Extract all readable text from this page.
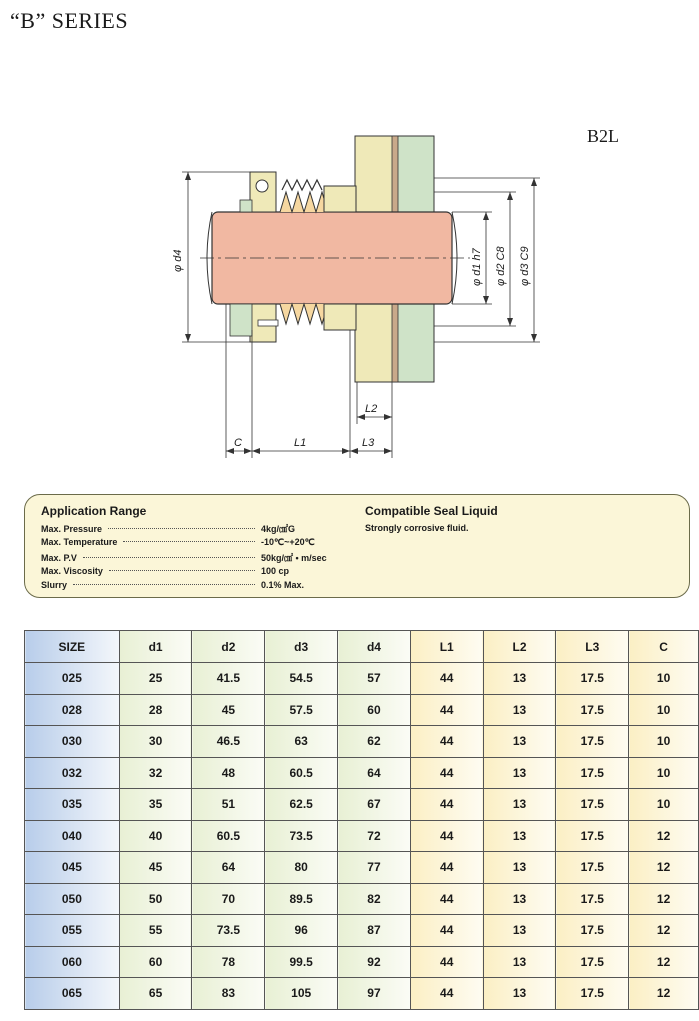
“B” SERIES
B2L
φ d4	φ d1 h7 φ d2 C8 φ d3 C9
C	L1
L2
L3
Application Range	Compatible Seal Liquid
Max. Pressure	4kg/㎠G
Max. Temperature	-10℃~+20℃
Max. P.V	50kg/㎠ • m/sec
Max. Viscosity	100 cp
Slurry	0.1% Max.
Strongly corrosive fluid.
SIZE	d1	d2	d3	d4	L1	L2	L3	C
025	25	41.5	54.5	57	44	13	17.5	10
028	28	45	57.5	60	44	13	17.5	10
030	30	46.5	63	62	44	13	17.5	10
032	32	48	60.5	64	44	13	17.5	10
035	35	51	62.5	67	44	13	17.5	10
040	40	60.5	73.5	72	44	13	17.5	12
045	45	64	80	77	44	13	17.5	12
050	50	70	89.5	82	44	13	17.5	12
055	55	73.5	96	87	44	13	17.5	12
060	60	78	99.5	92	44	13	17.5	12
065	65	83	105	97	44	13	17.5	12
